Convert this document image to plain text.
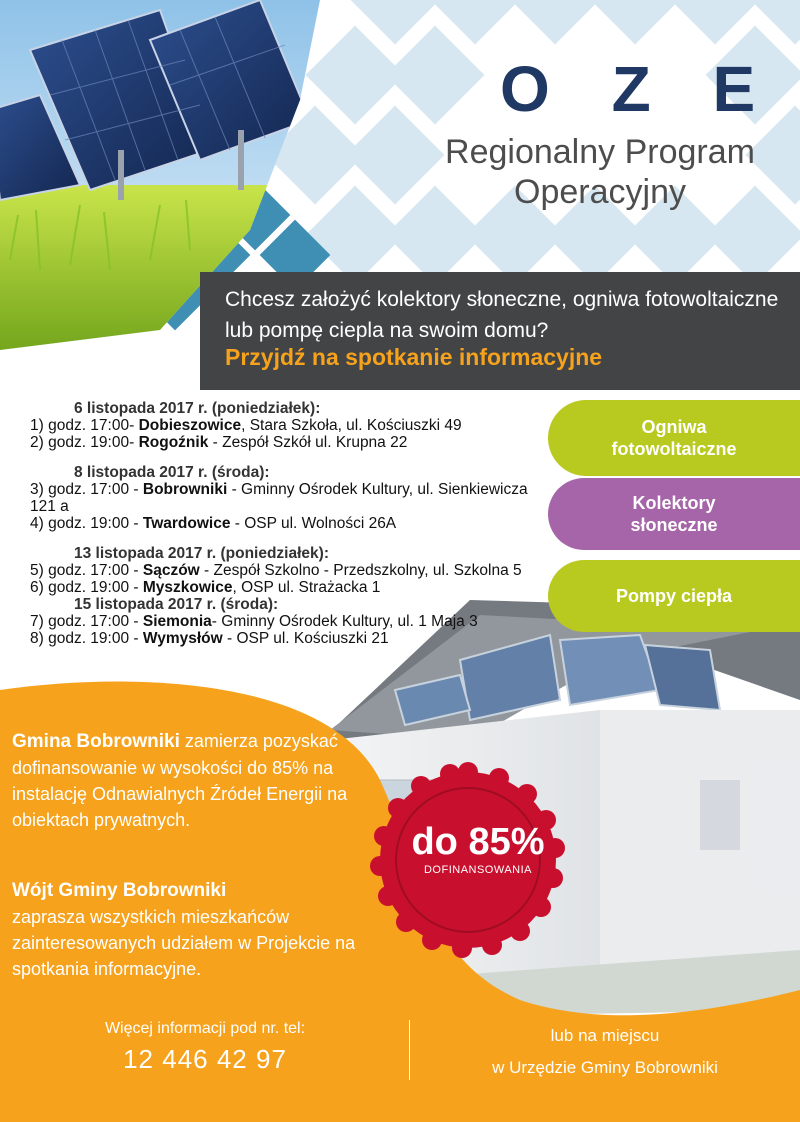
O Z E
Regionalny Program
Operacyjny
Chcesz założyć kolektory słoneczne, ogniwa fotowoltaiczne lub pompę ciepla na swoim domu?
Przyjdź na spotkanie informacyjne
do 85%
DOFINANSOWANIA
6 listopada 2017 r. (poniedziałek):
1) godz. 17:00- Dobieszowice, Stara Szkoła, ul. Kościuszki 49
2) godz. 19:00- Rogoźnik - Zespół Szkół ul. Krupna 22
8 listopada 2017 r. (środa):
3) godz. 17:00 - Bobrowniki - Gminny Ośrodek Kultury, ul. Sienkiewicza 121 a
4) godz. 19:00 - Twardowice - OSP ul. Wolności 26A
13 listopada 2017 r. (poniedziałek):
5) godz. 17:00 - Sączów - Zespół Szkolno - Przedszkolny, ul. Szkolna 5
6) godz. 19:00 - Myszkowice, OSP ul. Strażacka 1
15 listopada 2017 r. (środa):
7) godz. 17:00 - Siemonia- Gminny Ośrodek Kultury, ul. 1 Maja 3
8) godz. 19:00 - Wymysłów - OSP ul. Kościuszki 21
Ogniwa fotowoltaiczne
Kolektory słoneczne
Pompy ciepła
Gmina Bobrowniki zamierza pozyskać dofinansowanie w wysokości do 85% na instalację Odnawialnych Źródeł Energii na obiektach prywatnych.
Wójt Gminy Bobrowniki
zaprasza wszystkich mieszkańców zainteresowanych udziałem w Projekcie na spotkania informacyjne.
Więcej informacji pod nr. tel:
12 446 42 97
lub na miejscu
w Urzędzie Gminy Bobrowniki
